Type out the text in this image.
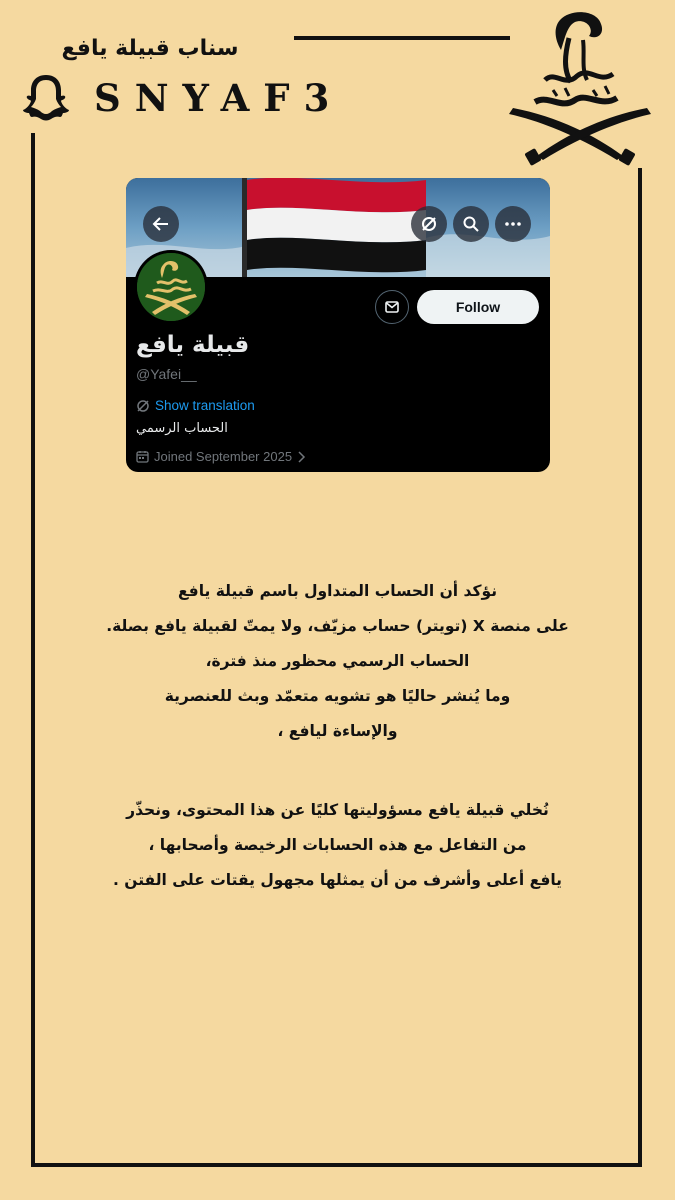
سناب قبيلة يافع
SNYAF3	قبيلة يافع
Follow
قبيلة يافع
@Yafei__
Show translation
الحساب الرسمي
Joined September 2025
نؤكد أن الحساب المتداول باسم قبيلة يافع
على منصة X (تويتر) حساب مزيّف، ولا يمتّ لقبيلة يافع بصلة.
الحساب الرسمي محظور منذ فترة،
وما يُنشر حاليًا هو تشويه متعمّد وبث للعنصرية
والإساءة ليافع ،
نُخلي قبيلة يافع مسؤوليتها كليًا عن هذا المحتوى، ونحذّر
من التفاعل مع هذه الحسابات الرخيصة وأصحابها ،
يافع أعلى وأشرف من أن يمثلها مجهول يقتات على الفتن .
